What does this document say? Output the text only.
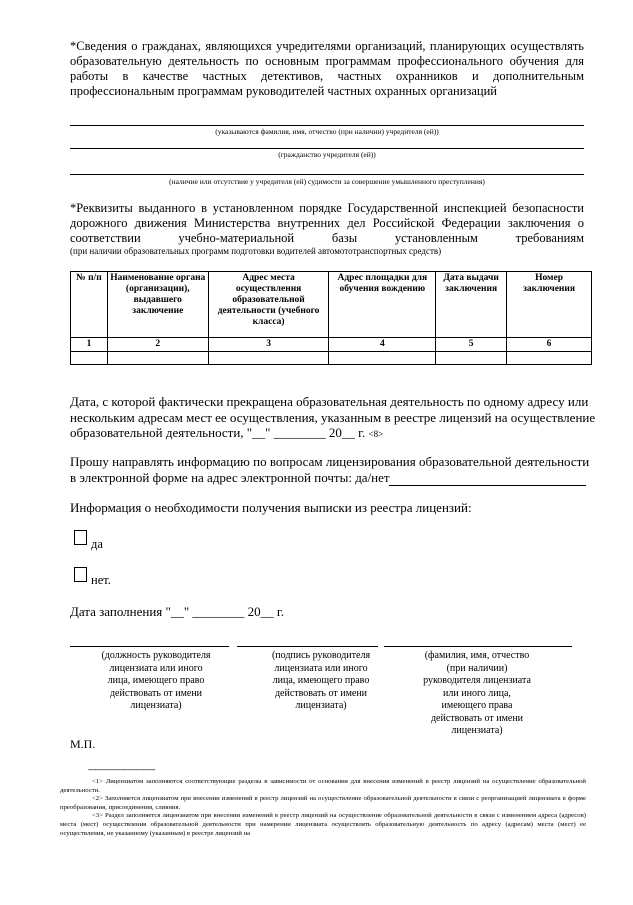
*Сведения о гражданах, являющихся учредителями организаций, планирующих осуществлять
образовательную деятельность по основным программам профессионального обучения для
работы в качестве частных детективов, частных охранников и дополнительным
профессиональным программам руководителей частных охранных организаций
(указываются фамилия, имя, отчество (при наличии) учредителя (ей))
(гражданство учредителя (ей))
(наличие или отсутствие у учредителя (ей) судимости за совершение умышленного преступления)
*Реквизиты выданного в установленном порядке Государственной инспекцией безопасности
дорожного движения Министерства внутренних дел Российской Федерации заключения о
соответствии учебно-материальной базы установленным требованиям
(при наличии образовательных программ подготовки водителей автомототранспортных средств)
№ п/п	Наименование органа (организации), выдавшего заключение	Адрес места осуществления образовательной деятельности (учебного класса)	Адрес площадки для обучения вождению	Дата выдачи заключения	Номер заключения
1	2	3	4	5	6

Дата, с которой фактически прекращена образовательная деятельность по одному адресу или
нескольким адресам мест ее осуществления, указанным в реестре лицензий на осуществление
образовательной деятельности, "__" ________ 20__ г. <8>
Прошу направлять информацию по вопросам лицензирования образовательной деятельности
в электронной форме на адрес электронной почты: да/нет
Информация о необходимости получения выписки из реестра лицензий:
да
нет.
Дата заполнения "__" ________ 20__ г.
(должность руководителя
лицензиата или иного
лица, имеющего право
действовать от имени
лицензиата)
(подпись руководителя
лицензиата или иного
лица, имеющего право
действовать от имени
лицензиата)
(фамилия, имя, отчество
(при наличии)
руководителя лицензиата
или иного лица,
имеющего права
действовать от имени
лицензиата)
М.П.
-------------------------------
<1> Лицензиатом заполняются соответствующие разделы в зависимости от основания для внесения изменений в реестр лицензий на осуществление образовательной деятельности.
<2> Заполняется лицензиатом при внесении изменений в реестр лицензий на осуществление образовательной деятельности в связи с реорганизацией лицензиата в форме преобразования, присоединения, слияния.
<3> Раздел заполняется лицензиатом при внесении изменений в реестр лицензий на осуществление образовательной деятельности в связи с изменением адреса (адресов) места (мест) осуществления образовательной деятельности при намерении лицензиата осуществлять образовательную деятельность по адресу (адресам) места (мест) ее осуществления, не указанному (указанным) в реестре лицензий на
